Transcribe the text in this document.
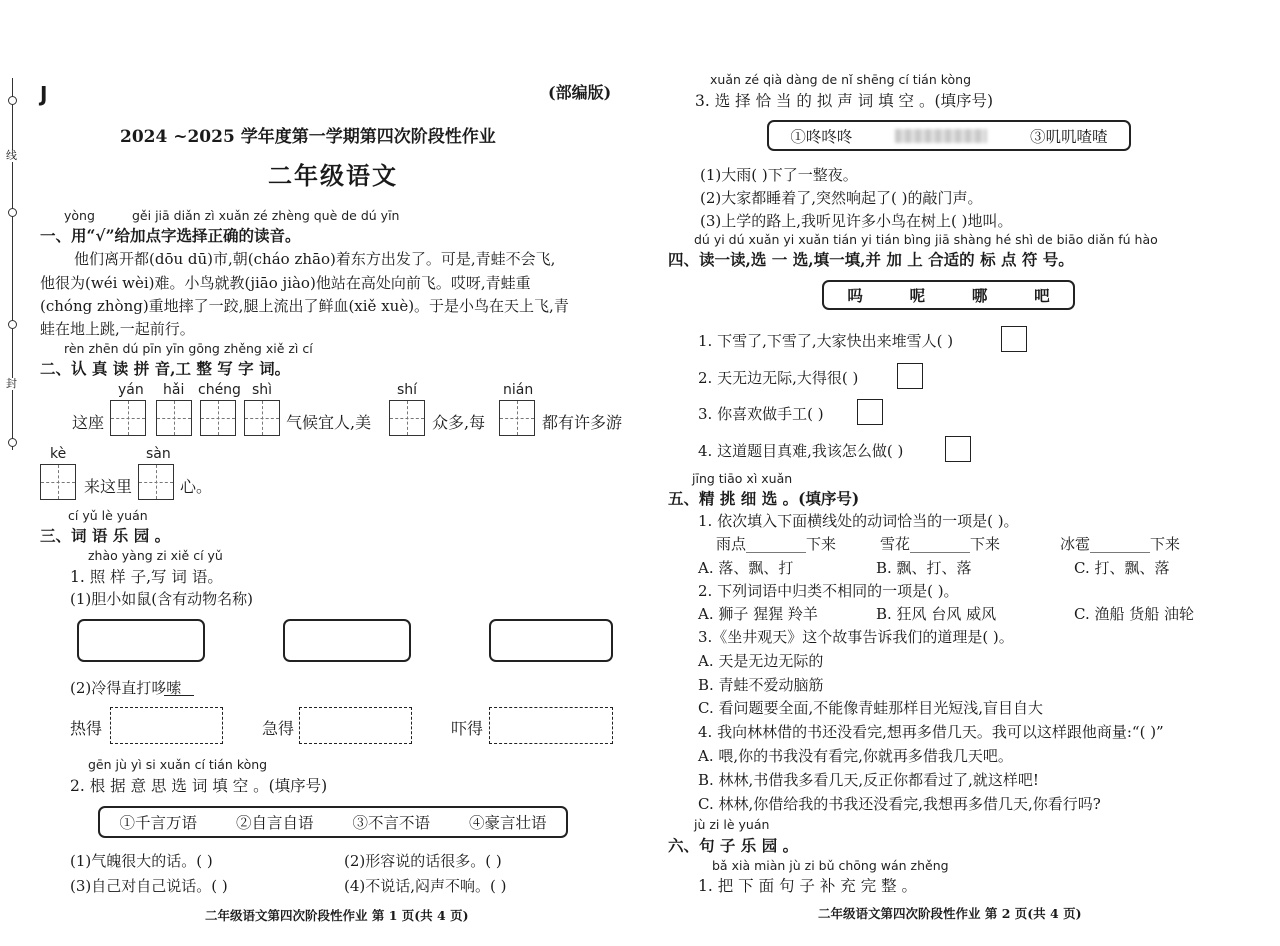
线
封
J	(部编版)
2024 ~2025 学年度第一学期第四次阶段性作业
二年级语文
yòng	gěi jiā diǎn zì xuǎn zé zhèng què de dú yīn
一、用“√”给加点字选择正确的读音。
他们离开都(dōu dū)市,朝(cháo zhāo)着东方出发了。可是,青蛙不会飞,
他很为(wéi wèi)难。小鸟就教(jiāo jiào)他站在高处向前飞。哎呀,青蛙重
(chóng zhòng)重地摔了一跤,腿上流出了鲜血(xiě xuè)。于是小鸟在天上飞,青
蛙在地上跳,一起前行。
rèn zhēn dú pīn yīn gōng zhěng xiě zì cí
二、认 真 读 拼 音,工 整 写 字 词。
yán hǎi chéng shì	shí	nián
这座	气候宜人,美	众多,每	都有许多游
kè	sàn
来这里	心。
cí yǔ lè yuán
三、词 语 乐 园 。
zhào yàng zi xiě cí yǔ
1. 照 样 子,写 词 语。
(1)胆小如鼠(含有动物名称)
(2)冷得直打哆嗦
热得	急得	吓得
gēn jù yì si xuǎn cí tián kòng
2. 根 据 意 思 选 词 填 空 。(填序号)
①千言万语	②自言自语	③不言不语	④豪言壮语
(1)气魄很大的话。( )	(2)形容说的话很多。( )
(3)自己对自己说话。( )	(4)不说话,闷声不响。( )
二年级语文第四次阶段性作业 第 1 页(共 4 页)
xuǎn zé qià dàng de nǐ shēng cí tián kòng
3. 选 择 恰 当 的 拟 声 词 填 空 。(填序号)
①咚咚咚	③叽叽喳喳
(1)大雨( )下了一整夜。
(2)大家都睡着了,突然响起了( )的敲门声。
(3)上学的路上,我听见许多小鸟在树上( )地叫。
dú yi dú xuǎn yi xuǎn tián yi tián bìng jiā shàng hé shì de biāo diǎn fú hào
四、读一读,选 一 选,填一填,并 加 上 合适的 标 点 符 号。
吗	呢	哪	吧
1. 下雪了,下雪了,大家快出来堆雪人( )
2. 天无边无际,大得很( )
3. 你喜欢做手工( )
4. 这道题目真难,我该怎么做( )
jīng tiāo xì xuǎn
五、精 挑 细 选 。(填序号)
1. 依次填入下面横线处的动词恰当的一项是( )。
雨点________下来	雪花________下来	冰雹________下来
A. 落、飘、打	B. 飘、打、落	C. 打、飘、落
2. 下列词语中归类不相同的一项是( )。
A. 狮子 猩猩 羚羊	B. 狂风 台风 威风	C. 渔船 货船 油轮
3.《坐井观天》这个故事告诉我们的道理是( )。
A. 天是无边无际的
B. 青蛙不爱动脑筋
C. 看问题要全面,不能像青蛙那样目光短浅,盲目自大
4. 我向林林借的书还没看完,想再多借几天。我可以这样跟他商量:“( )”
A. 喂,你的书我没有看完,你就再多借我几天吧。
B. 林林,书借我多看几天,反正你都看过了,就这样吧!
C. 林林,你借给我的书我还没看完,我想再多借几天,你看行吗?
jù zi lè yuán
六、句 子 乐 园 。
bǎ xià miàn jù zi bǔ chōng wán zhěng
1. 把 下 面 句 子 补 充 完 整 。
二年级语文第四次阶段性作业 第 2 页(共 4 页)
